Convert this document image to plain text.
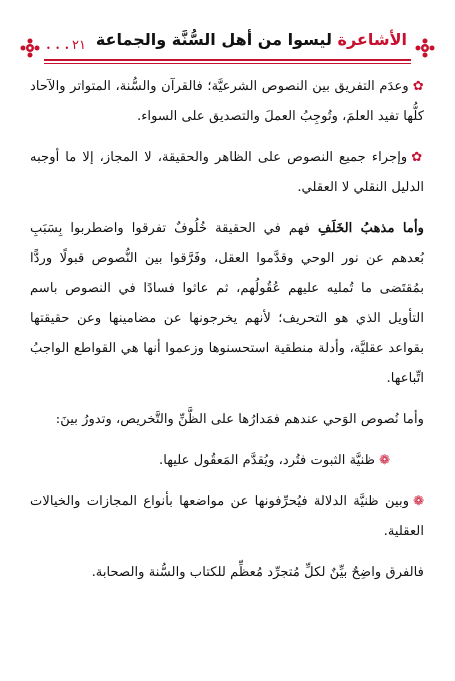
• • • ٢١	الأشاعرة ليسوا من أهل السُّنَّة والجماعة

✿وعدَم التفريق بين النصوص الشرعيَّة؛ فالقرآن والسُّنة، المتواتر والآحاد كلُّها تفيد العلمَ، وتُوجِبُ العملَ والتصديق على السواء.

✿وإجراء جميع النصوص على الظاهر والحقيقة، لا المجاز، إلا ما أوجبه الدليل النقلي لا العقلي.

وأما مذهبُ الخَلَفِ فهم في الحقيقة خُلُوفٌ تفرقوا واضطربوا بِسَبَبِ بُعدهم عن نور الوحي وقدَّموا العقل، وفَرَّقوا بين النُّصوص قبولًا وردًّا بمُقتَضى ما تُمليه عليهم عُقُولُهم، ثم عاثوا فسادًا في النصوص باسم التأويل الذي هو التحريف؛ لأنهم يخرجونها عن مضامينها وعن حقيقتها بقواعد عقليَّة، وأدلة منطقية استحسنوها وزعموا أنها هي القواطع الواجبُ اتِّباعها.

وأما نُصوص الوَحي عندهم فمَدارُها على الظَّنِّ والتَّخريص، وتدورُ بينَ:

❁ظنيَّة الثبوت فتُرد، ويُقدَّم المَعقُول عليها.

❁وبين ظنيَّة الدلالة فيُحرِّفونها عن مواضعها بأنواع المجازات والخيالات العقلية.

فالفرق واضِحٌ بيِّنٌ لكلِّ مُتجرِّد مُعظِّم للكتاب والسُّنة والصحابة.
